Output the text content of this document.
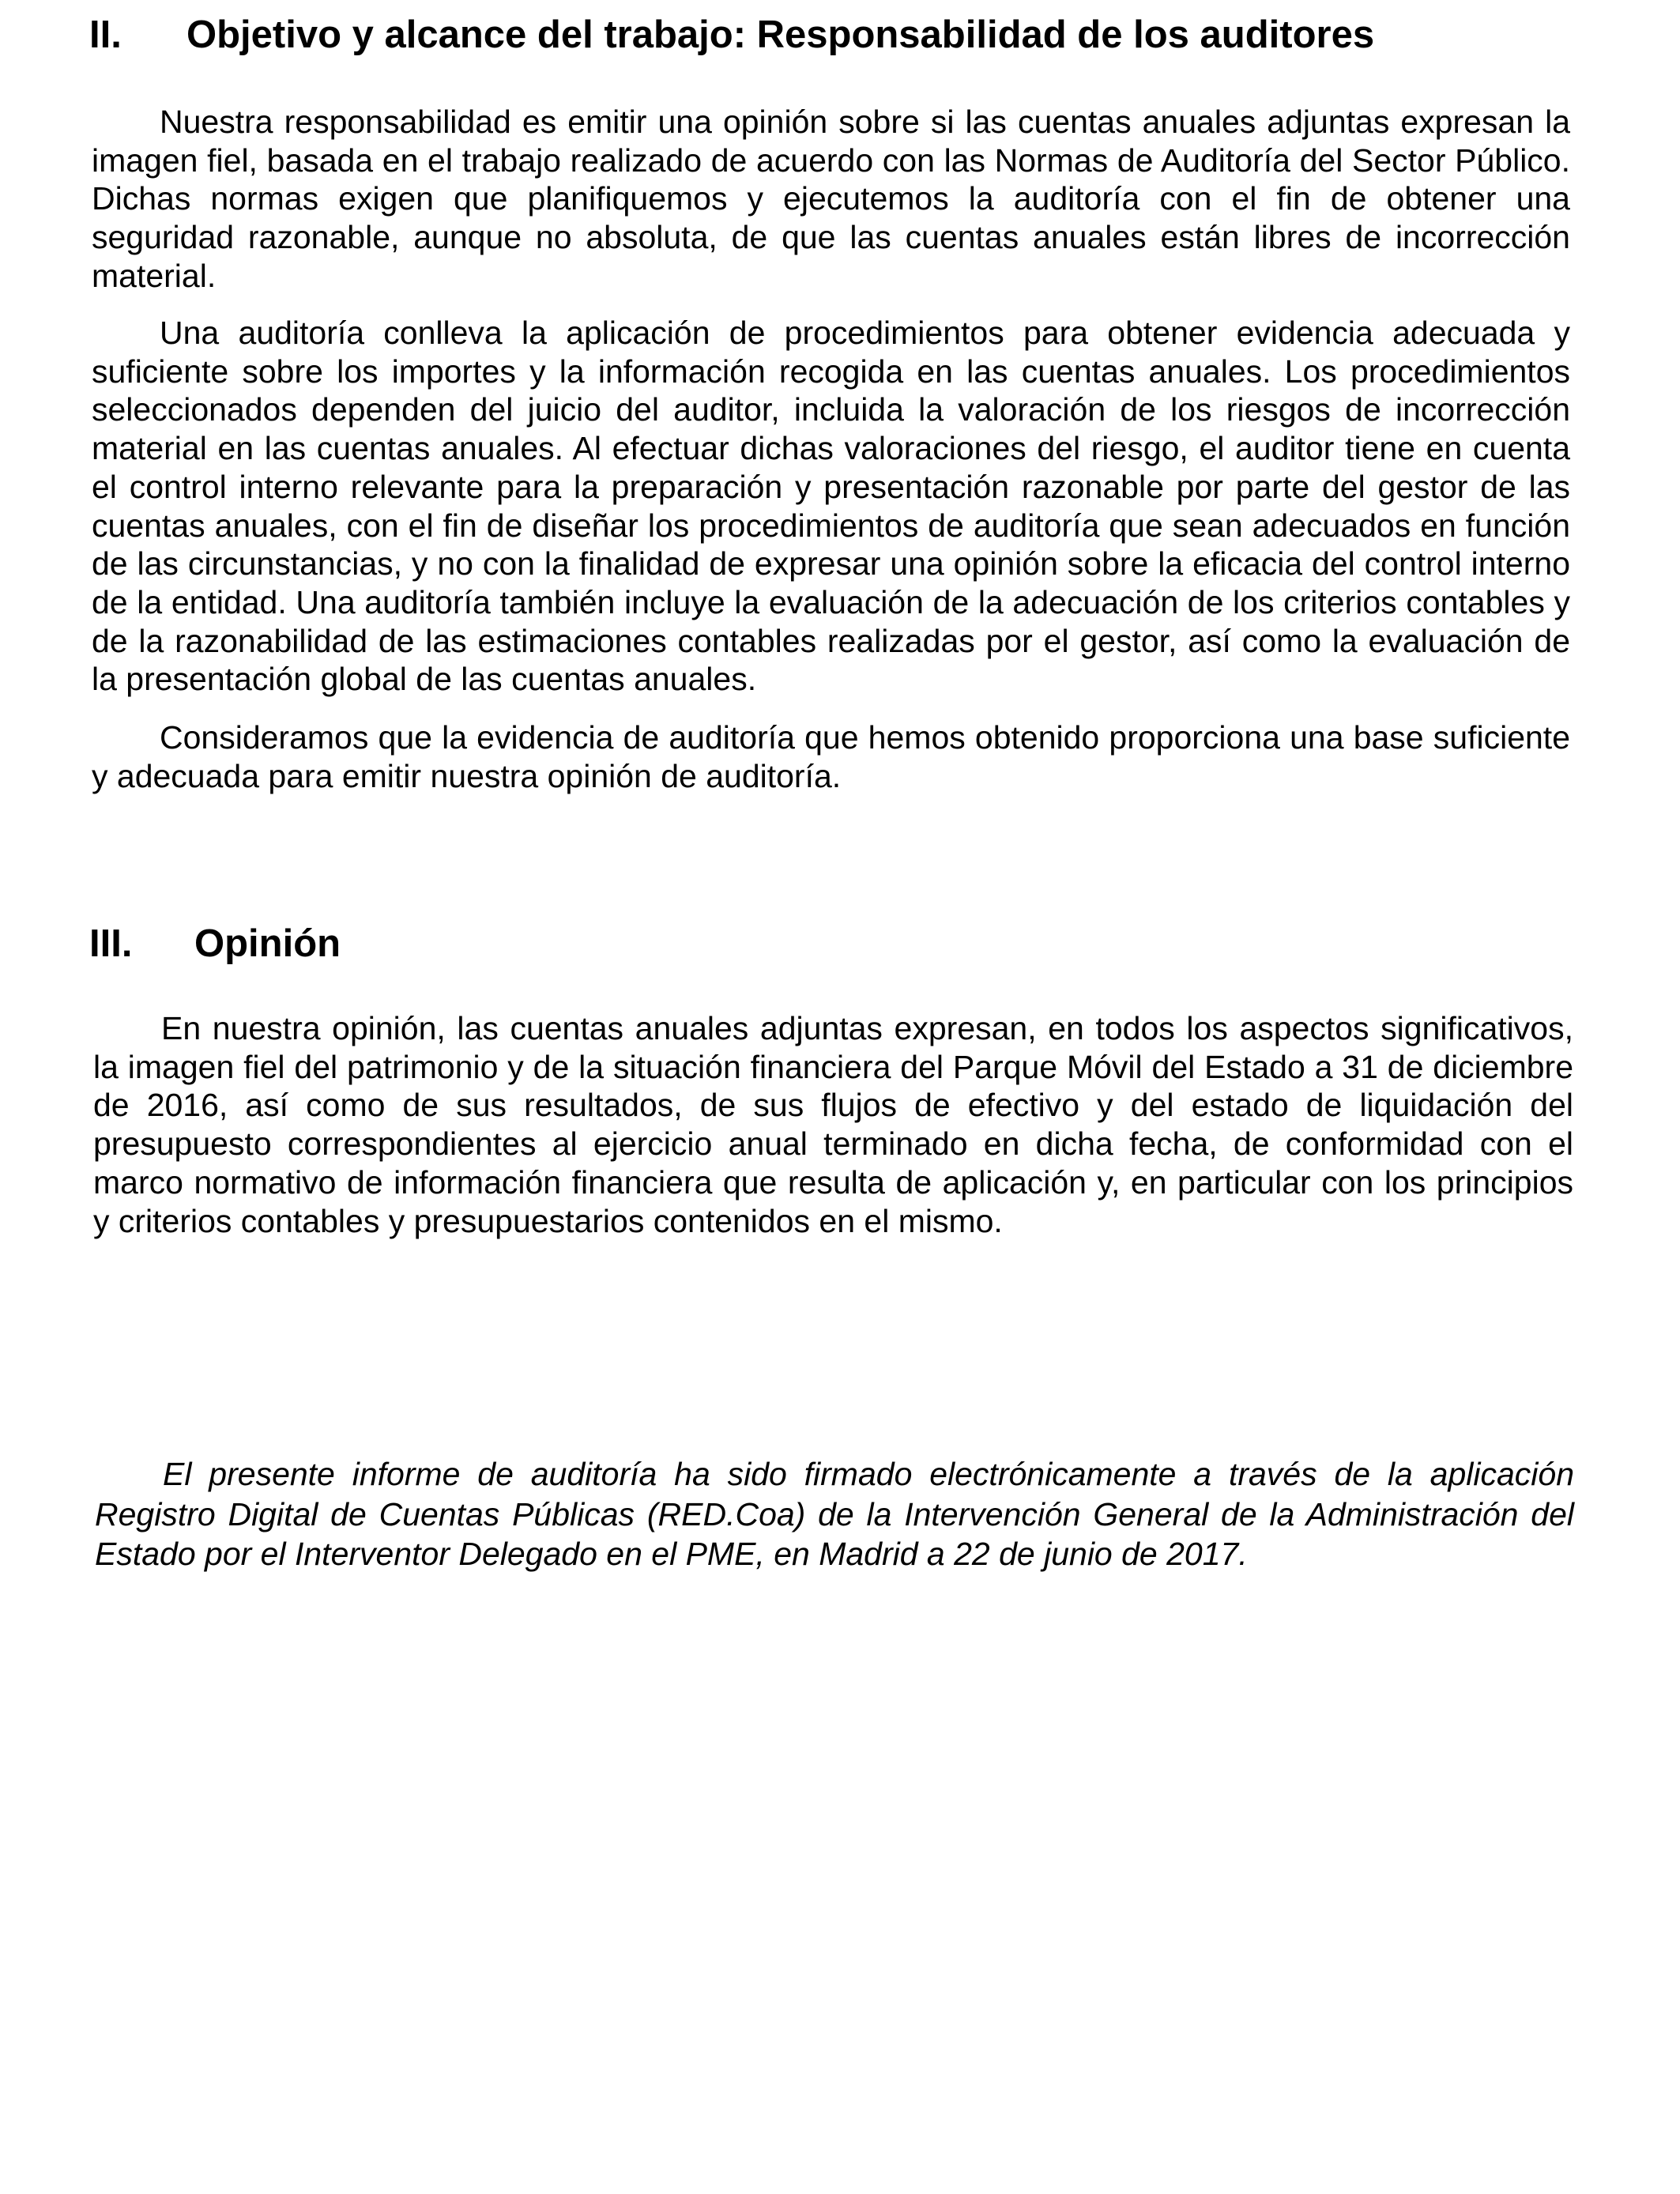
II.	Objetivo y alcance del trabajo: Responsabilidad de los auditores

Nuestra responsabilidad es emitir una opinión sobre si las cuentas anuales adjuntas expresan la imagen fiel, basada en el trabajo realizado de acuerdo con las Normas de Auditoría del Sector Público. Dichas normas exigen que planifiquemos y ejecutemos la auditoría con el fin de obtener una seguridad razonable, aunque no absoluta, de que las cuentas anuales están libres de incorrección material.

Una auditoría conlleva la aplicación de procedimientos para obtener evidencia adecuada y suficiente sobre los importes y la información recogida en las cuentas anuales. Los procedimientos seleccionados dependen del juicio del auditor, incluida la valoración de los riesgos de incorrección material en las cuentas anuales. Al efectuar dichas valoraciones del riesgo, el auditor tiene en cuenta el control interno relevante para la preparación y presentación razonable por parte del gestor de las cuentas anuales, con el fin de diseñar los procedimientos de auditoría que sean adecuados en función de las circunstancias, y no con la finalidad de expresar una opinión sobre la eficacia del control interno de la entidad. Una auditoría también incluye la evaluación de la adecuación de los criterios contables y de la razonabilidad de las estimaciones contables realizadas por el gestor, así como la evaluación de la presentación global de las cuentas anuales.

Consideramos que la evidencia de auditoría que hemos obtenido proporciona una base suficiente y adecuada para emitir nuestra opinión de auditoría.

III.	Opinión

En nuestra opinión, las cuentas anuales adjuntas expresan, en todos los aspectos significativos, la imagen fiel del patrimonio y de la situación financiera del Parque Móvil del Estado a 31 de diciembre de 2016, así como de sus resultados, de sus flujos de efectivo y del estado de liquidación del presupuesto correspondientes al ejercicio anual terminado en dicha fecha, de conformidad con el marco normativo de información financiera que resulta de aplicación y, en particular con los principios y criterios contables y presupuestarios contenidos en el mismo.

El presente informe de auditoría ha sido firmado electrónicamente a través de la aplicación Registro Digital de Cuentas Públicas (RED.Coa) de la Intervención General de la Administración del Estado por el Interventor Delegado en el PME, en Madrid a 22 de junio de 2017.
